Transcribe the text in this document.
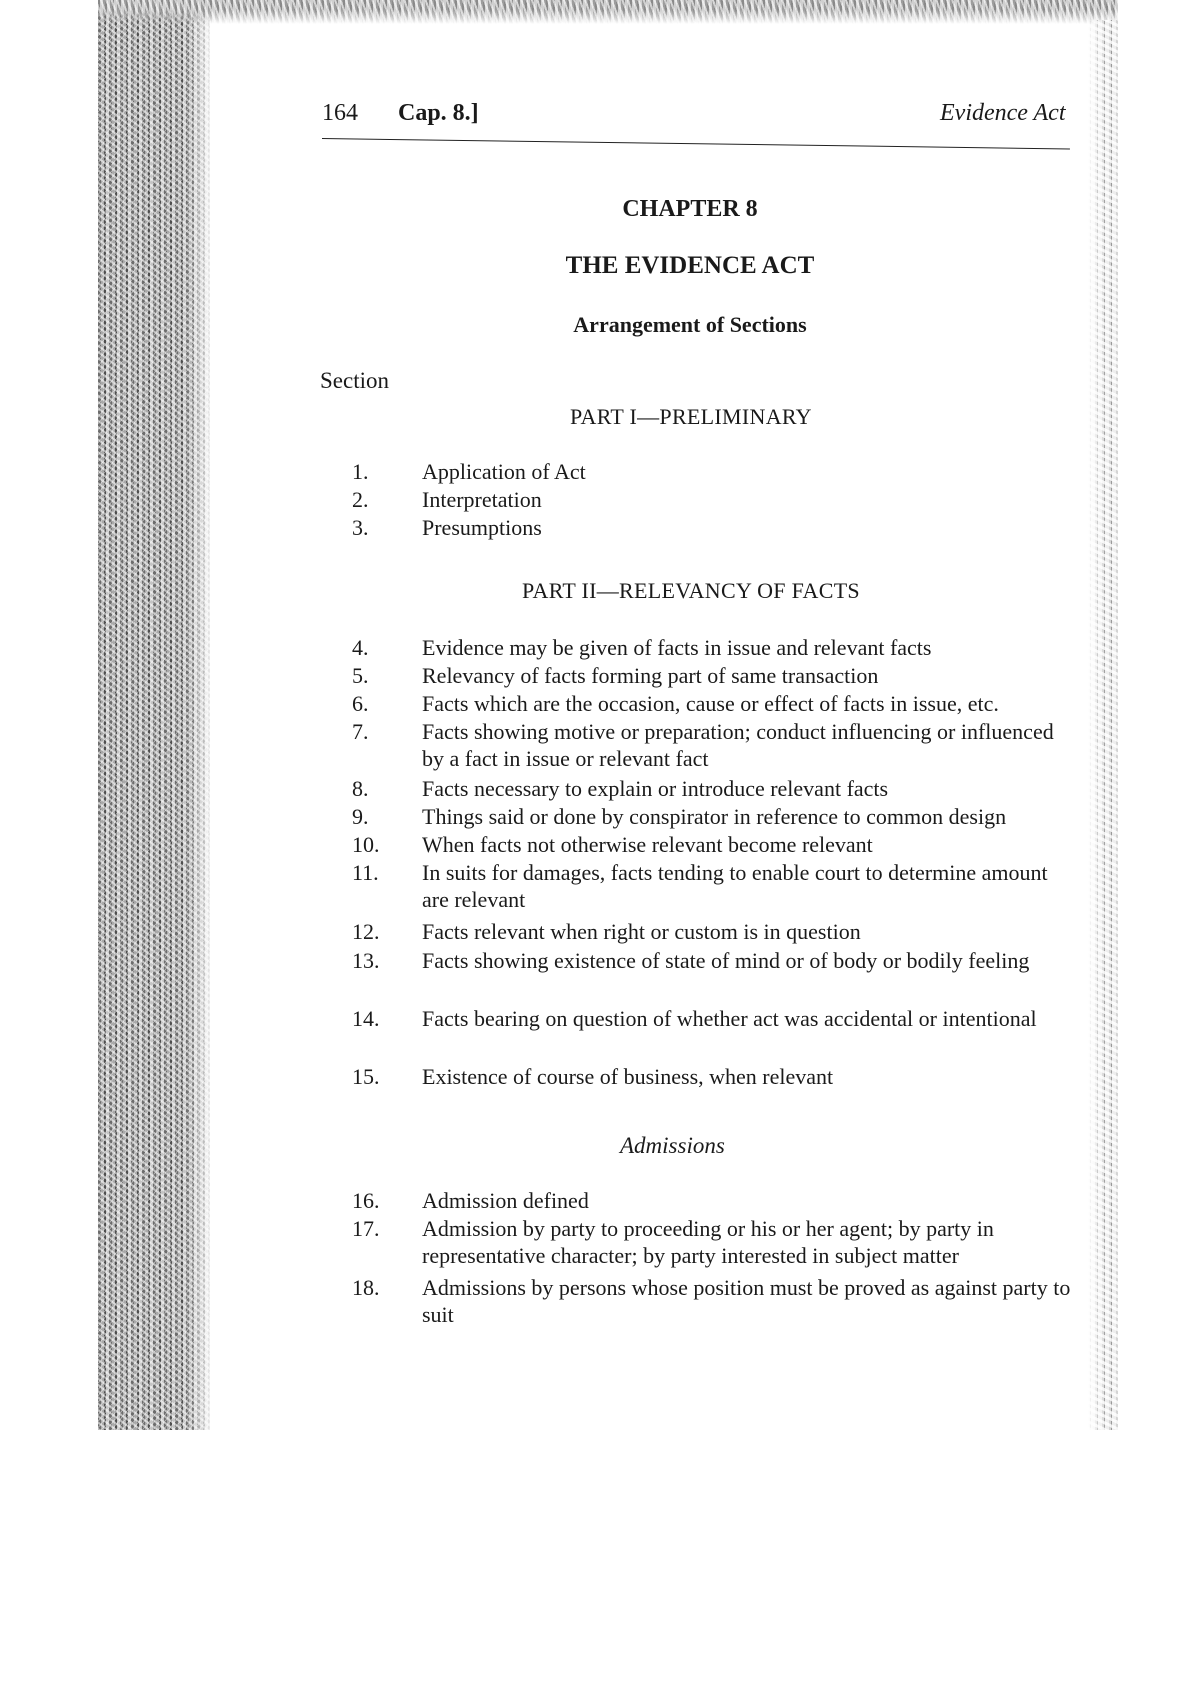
164 Cap. 8.]	Evidence Act
CHAPTER 8
THE EVIDENCE ACT
Arrangement of Sections
Section
PART I—PRELIMINARY
PART II—RELEVANCY OF FACTS
Admissions
1.	Application of Act
2.	Interpretation
3.	Presumptions
4.	Evidence may be given of facts in issue and relevant facts
5.	Relevancy of facts forming part of same transaction
6.	Facts which are the occasion, cause or effect of facts in issue, etc.
7.	Facts showing motive or preparation; conduct influencing or influenced by a fact in issue or relevant fact
8.	Facts necessary to explain or introduce relevant facts
9.	Things said or done by conspirator in reference to common design
10.	When facts not otherwise relevant become relevant
11.	In suits for damages, facts tending to enable court to determine amount are relevant
12.	Facts relevant when right or custom is in question
13.	Facts showing existence of state of mind or of body or bodily feeling
14.	Facts bearing on question of whether act was accidental or intentional
15.	Existence of course of business, when relevant
16.	Admission defined
17.	Admission by party to proceeding or his or her agent; by party in representative character; by party interested in subject matter
18.	Admissions by persons whose position must be proved as against party to suit
